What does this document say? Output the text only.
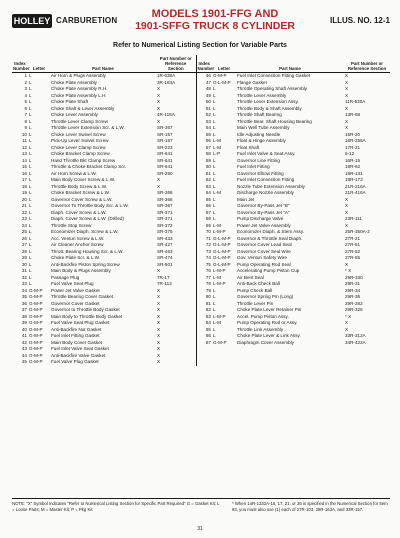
HOLLEY CARBURETION
MODELS 1901-FFG AND
1901-SFFG TRUCK 8 CYLINDER	ILLUS. NO. 12-1
Refer to Numerical Listing Section for Variable Parts
Index Number	Letter	Part Name	Part Number or Reference Section	Index Number	Letter	Part Name	Part Number or Reference Section
1	L	Air Horn & Plugs Assembly	1R-638A	46	G-M-P	Fuel Inlet Connection Fitting Gasket	X
2	L	Choke Plate Assembly	3R-184A	47	G-L-M-P	Flange Gasket	X
3	L	Choke Plate Assembly R.H.	X	48	L	Throttle Operating Shaft Assembly	X
4	L	Choke Plate Assembly L.H.	X	49	L	Throttle Lever Assembly	X
5	L	Choke Plate Shaft	X	50	L	Throttle Lever Extension Assy.	11R-530A
6	L	Choke Shaft & Lever Assembly	X	51	L	Throttle Body & Shaft Assembly	X
7	L	Choke Lever Assembly	4R-118A	52	L	Throttle Shaft Bearing	13R-68
8	L	Throttle Lever Clamp Screw	X	53	L	Throttle Bear. Shaft Housing Bearing	X
9	L	Throttle Lever Extension Scr. & L.W.	SR-367	54	L	Main Well Tube Assembly	X
10	L	Choke Lever Swivel Screw	SR-157	55	L	Idle Adjusting Needle	16R-20
11	L	Pick-Up Lever Swivel Screw	SR-157	56	L-M	Float & Hinge Assembly	16R-256A
12	L	Choke Lever Clamp Screw	SR-223	57	L-M	Float Shaft	17R-21
13	L	Choke Bracket Clamp Screw	SR-641	58	L-P	Fuel Inlet Valve & Seat Assy.	6-12
14	L	Hand Throttle Bkt Clamp Screw	SR-641	59	L	Governor Line Fitting	16R-15
15	L	Throttle & Choke Bracket Clamp Scr.	SR-641	60	L	Fuel Inlet Fitting	19R-62
16	L	Air Horn Screw & L.W.	SR-250	61	L	Governor Elbow Fitting	19R-131
17	L	Main Body Cover Screw & L.W.	X	62	L	Fuel Inlet Connection Fitting	19R-173
18	L	Throttle Body Screw & L.W.	X	63	L	Nozzle Tube Extension Assembly	21R-216A
19	L	Choke Bracket Screw & L.W.	SR-366	64	L-M	Discharge Nozzle Assembly	21R-416A
20	L	Governor Cover Screw & L.W.	SR-366	65	L	Main Jet	X
21	L	Governor To Throttle Body Scr. & L.W.	SR-367	66	L	Governor By-Pass Jet "B"	X
22	L	Diaph. Cover Screw & L.W.	SR-371	67	L	Governor By-Pass Jet "A"	X
23	L	Diaph. Cover Screw & L.W. (Drilled)	SR-371	68	L	Pump Discharge Valve	23R-111
24	L	Throttle Stop Screw	SR-372	69	L-M	Power Jet Valve Assembly	X
25	L	Economizer Diaph. Screw & L.W.	SR-375	70	L-M-P	Economizer Diaph. & Stem Assy.	25R-350A-2
26	L	Acc. Venturi Screw & L.W.	SR-433	71	G-L-M-P	Governor & Throttle Seal Diaph.	27R-21
27	L	Air Cleaner Anchor Screw	SR-427	72	G-L-M-P	Governor Cover Lead Seal	27R-51
28	L	Thrott. Bearing Housing Scr. & L.W.	SR-463	73	G-L-M-P	Governor Cover Seal Wire	27R-52
29	L	Choke Plate Scr. & L.W.	SR-474	74	G-L-M-P	Gov. Venturi Safety Wire	27R-55
30	L	Anti-Backfire Piston Spring Screw	SR-501	75	G-L-M-P	Pump Operating Rod Seal	X
31	L	Main Body & Plugs Assembly	X	76	L-M-P	Accelerating Pump Piston Cup	* X
32	L	Passage Plug	7R-17	77	L-M	Air Bent Seal	29R-330
33	L	Fuel Valve Seat Plug	7R-113	78	L-M-P	Anti-Back Check Ball	29R-31
34	G-M-P	Power Jet Valve Gasket	X	79	L	Pump Check Ball	29R-34
35	G-M-P	Throttle Bearing Cover Gasket	X	80	L	Governor Spring Pin (Long)	29R-36
36	G-M-P	Governor Cover Gasket	X	81	L	Throttle Lever Pin	29R-282
37	G-M-P	Governor to Throttle Body Gasket	X	82	L	Choke Plate Lever Retainer Pin	29R-326
38	G-M-P	Main Body to Throttle Body Gasket	X	83	L-M-P	Accel. Pump Piston Assy.	* X
39	G-M-P	Fuel Valve Seat Plug Gasket	X	84	L-M	Pump Operating Rod or Assy.	X
40	G-M-P	Anti-Backfire Nut Gasket	X	85	L	Throttle Link Assembly	X
41	G-M-P	Fuel Inlet Fitting Gasket	X	86	L	Choke Plate Lever & Link Assy.	33R-312A
42	G-M-P	Main Body Cover Gasket	X	87	G-M-P	Diaphragm Cover Assembly	34R-422A
43	G-M-P	Fuel Inlet Valve Seat Gasket	X				
44	G-M-P	Anti-Backfire Valve Gasket	X				
45	G-M-P	Fuel Valve Plug Gasket	X				
NOTE: "X" Symbol Indicates "Refer to Numerical Listing Section for Specific Part Required" G = Gasket Kit; L = Loose Parts; M = Master Kit; P = Pkg Kit
* When 14R-1332A-16, 17, 21, or 36 is specified in the Numerical Section for Item 93, you must also use (1) each of 27R-103, 28R-163A, and 33R-157.
31
